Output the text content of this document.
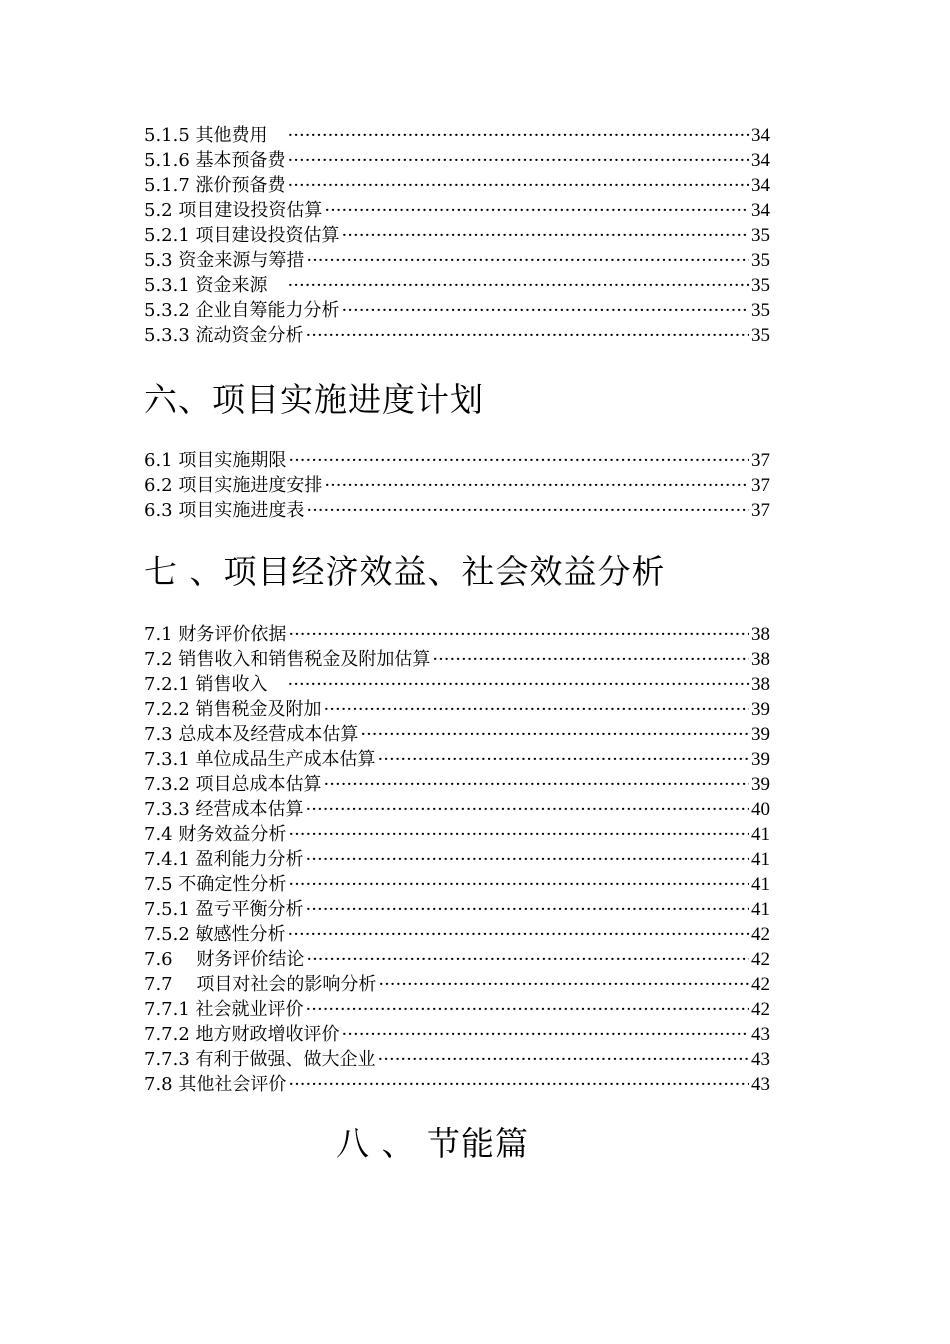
5.1.5 其他费用　 ·····	34
5.1.6 基本预备费 ·····	34
5.1.7 涨价预备费 ·····	34
5.2 项目建设投资估算 ·····	34
5.2.1 项目建设投资估算 ·····	35
5.3 资金来源与筹措 ·····	35
5.3.1 资金来源　 ·····	35
5.3.2 企业自筹能力分析 ·····	35
5.3.3 流动资金分析 ·····	35
六、项目实施进度计划
6.1 项目实施期限 ·····	37
6.2 项目实施进度安排 ·····	37
6.3 项目实施进度表 ·····	37
七 、项目经济效益、社会效益分析
7.1 财务评价依据 ·····	38
7.2 销售收入和销售税金及附加估算 ·····	38
7.2.1 销售收入　 ·····	38
7.2.2 销售税金及附加 ·····	39
7.3 总成本及经营成本估算 ·····	39
7.3.1 单位成品生产成本估算 ·····	39
7.3.2 项目总成本估算 ·····	39
7.3.3 经营成本估算 ·····	40
7.4 财务效益分析 ·····	41
7.4.1 盈利能力分析 ·····	41
7.5 不确定性分析 ·····	41
7.5.1 盈亏平衡分析 ·····	41
7.5.2 敏感性分析 ·····	42
7.6　 财务评价结论 ·····	42
7.7　 项目对社会的影响分析 ·····	42
7.7.1 社会就业评价 ·····	42
7.7.2 地方财政增收评价 ·····	43
7.7.3 有利于做强、做大企业 ·····	43
7.8 其他社会评价 ·····	43
八 、 节能篇
